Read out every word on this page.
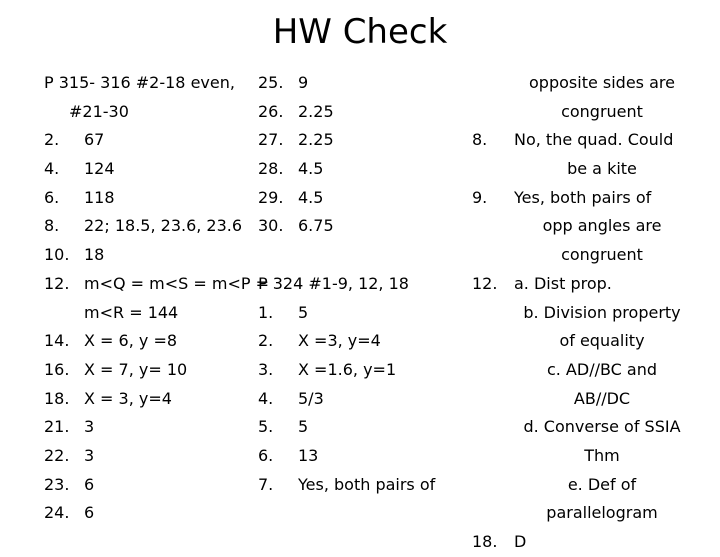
HW Check
P 315- 316 #2-18 even,
#21-30
2. 67
4. 124
6. 118
8. 22; 18.5, 23.6, 23.6
10. 18
12. m<Q = m<S = m<P =
m<R = 144
14. X = 6, y =8
16. X = 7, y= 10
18. X = 3, y=4
21. 3
22. 3
23. 6
24. 6
25. 9
26. 2.25
27. 2.25
28. 4.5
29. 4.5
30. 6.75
P 324 #1-9, 12, 18
1. 5
2. X =3, y=4
3. X =1.6, y=1
4. 5/3
5. 5
6. 13
7. Yes, both pairs of
opposite sides are
congruent
8. No, the quad. Could
be a kite
9. Yes, both pairs of
opp angles are
congruent
12. a. Dist prop.
b. Division property
of equality
c. AD//BC and
AB//DC
d. Converse of SSIA
Thm
e. Def of
parallelogram
18. D
